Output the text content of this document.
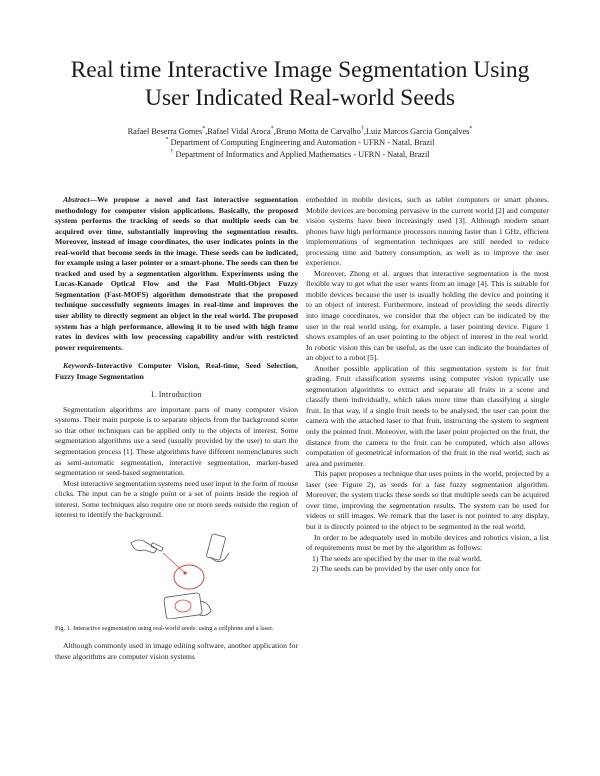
Real time Interactive Image Segmentation Using
User Indicated Real-world Seeds
Rafael Beserra Gomes*,Rafael Vidal Aroca*,Bruno Motta de Carvalho†,Luiz Marcos Garcia Gonçalves*
* Department of Computing Engineering and Automation - UFRN - Natal, Brazil
† Department of Informatics and Applied Mathematics - UFRN - Natal, Brazil

Abstract—We propose a novel and fast interactive segmentation methodology for computer vision applications. Basically, the proposed system performs the tracking of seeds so that multiple seeds can be acquired over time, substantially improving the segmentation results. Moreover, instead of image coordinates, the user indicates points in the real-world that become seeds in the image. These seeds can be indicated, for example using a laser pointer or a smart-phone. The seeds can then be tracked and used by a segmentation algorithm. Experiments using the Lucas-Kanade Optical Flow and the Fast Multi-Object Fuzzy Segmentation (Fast-MOFS) algorithm demonstrate that the proposed technique successfully segments images in real-time and improves the user ability to directly segment an object in the real world. The proposed system has a high performance, allowing it to be used with high frame rates in devices with low processing capability and/or with restricted power requirements.

Keywords-Interactive Computer Vision, Real-time, Seed Selection, Fuzzy Image Segmentation

I. Introduction

Segmentation algorithms are important parts of many computer vision systems. Their main purpose is to separate objects from the background scene so that other techniques can be applied only to the objects of interest. Some segmentation algorithms use a seed (usually provided by the user) to start the segmentation process [1]. These algorithms have different nomenclatures such as semi-automatic segmentation, interactive segmentation, marker-based segmentation or seed-based segmentation.

Most interactive segmentation systems need user input in the form of mouse clicks. The input can be a single point or a set of points inside the region of interest. Some techniques also require one or more seeds outside the region of interest to identify the background.

Fig. 1. Interactive segmentation using real-world seeds: using a cellphone and a laser.

Although commonly used in image editing software, another application for these algorithms are computer vision systems

embedded in mobile devices, such as tablet computers or smart phones. Mobile devices are becoming pervasive in the current world [2] and computer vision systems have been increasingly used [3]. Although modern smart phones have high performance processors running faster than 1 GHz, efficient implementations of segmentation techniques are still needed to reduce processing time and battery consumption, as well as to improve the user experience.

Moreover, Zhong et al. argues that interactive segmentation is the most flexible way to get what the user wants from an image [4]. This is suitable for mobile devices because the user is usually holding the device and pointing it to an object of interest. Furthermore, instead of providing the seeds directly into image coordinates, we consider that the object can be indicated by the user in the real world using, for example, a laser pointing device. Figure 1 shows examples of an user pointing to the object of interest in the real world. In robotic vision this can be useful, as the user can indicate the boundaries of an object to a robot [5].

Another possible application of this segmentation system is for fruit grading. Fruit classification systems using computer vision typically use segmentation algorithms to extract and separate all fruits in a scene and classify them individually, which takes more time than classifying a single fruit. In that way, if a single fruit needs to be analysed, the user can point the camera with the attached laser to that fruit, instructing the system to segment only the pointed fruit. Moreover, with the laser point projected on the fruit, the distance from the camera to the fruit can be computed, which also allows computation of geometrical information of the fruit in the real world, such as area and perimeter.

This paper proposes a technique that uses points in the world, projected by a laser (see Figure 2), as seeds for a fast fuzzy segmentation algorithm. Moreover, the system tracks these seeds so that multiple seeds can be acquired over time, improving the segmentation results. The system can be used for videos or still images. We remark that the laser is not pointed to any display, but it is directly pointed to the object to be segmented in the real world.

In order to be adequately used in mobile devices and robotics vision, a list of requirements must be met by the algorithm as follows:

1) The seeds are specified by the user in the real world.
2) The seeds can be provided by the user only once for
